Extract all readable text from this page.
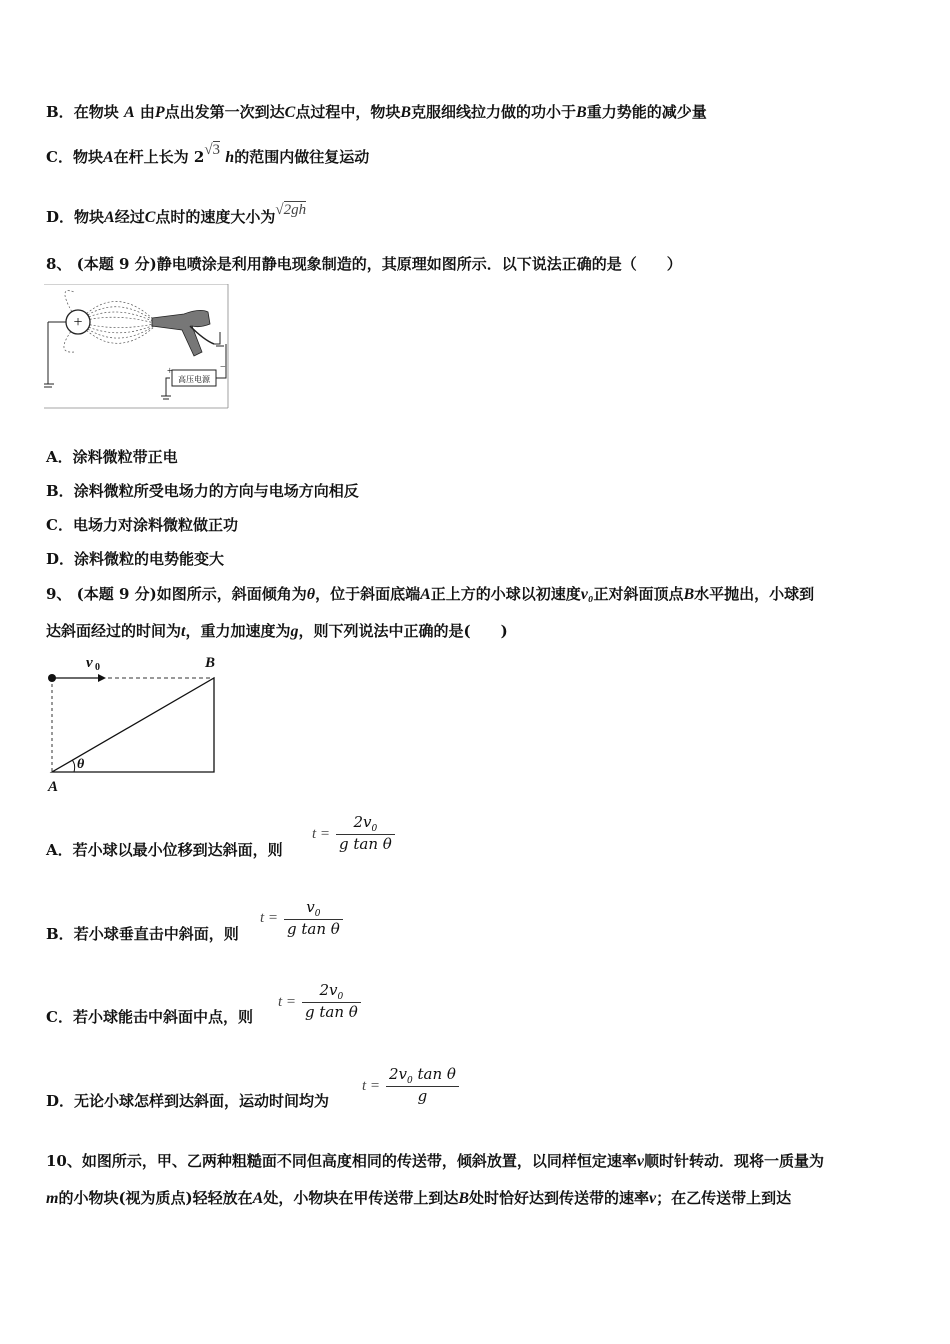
B．在物块 A 由P点出发第一次到达C点过程中，物块B克服细线拉力做的功小于B重力势能的减少量
C．物块A在杆上长为 2√3 h的范围内做往复运动
D．物块A经过C点时的速度大小为√2gh
8、 (本题 9 分)静电喷涂是利用静电现象制造的，其原理如图所示．以下说法正确的是（　　）
+
高压电源
+	−
A．涂料微粒带正电
B．涂料微粒所受电场力的方向与电场方向相反
C．电场力对涂料微粒做正功
D．涂料微粒的电势能变大
9、 (本题 9 分)如图所示，斜面倾角为θ，位于斜面底端A正上方的小球以初速度v₀正对斜面顶点B水平抛出，小球到
达斜面经过的时间为t，重力加速度为g，则下列说法中正确的是(　　)
v 0	B
A
θ
A．若小球以最小位移到达斜面，则
$t = \frac{2v_0}{\text{g tan θ}}$
B．若小球垂直击中斜面，则
$t = \frac{v_0}{\text{g tan θ}}$
C．若小球能击中斜面中点，则
$t = \frac{2v_0}{\text{g tan θ}}$
D．无论小球怎样到达斜面，运动时间均为
$t = \frac{2v_0 \tan \theta}{g}$
10、如图所示，甲、乙两种粗糙面不同但高度相同的传送带，倾斜放置，以同样恒定速率v顺时针转动．现将一质量为
m的小物块(视为质点)轻轻放在A处，小物块在甲传送带上到达B处时恰好达到传送带的速率v；在乙传送带上到达
